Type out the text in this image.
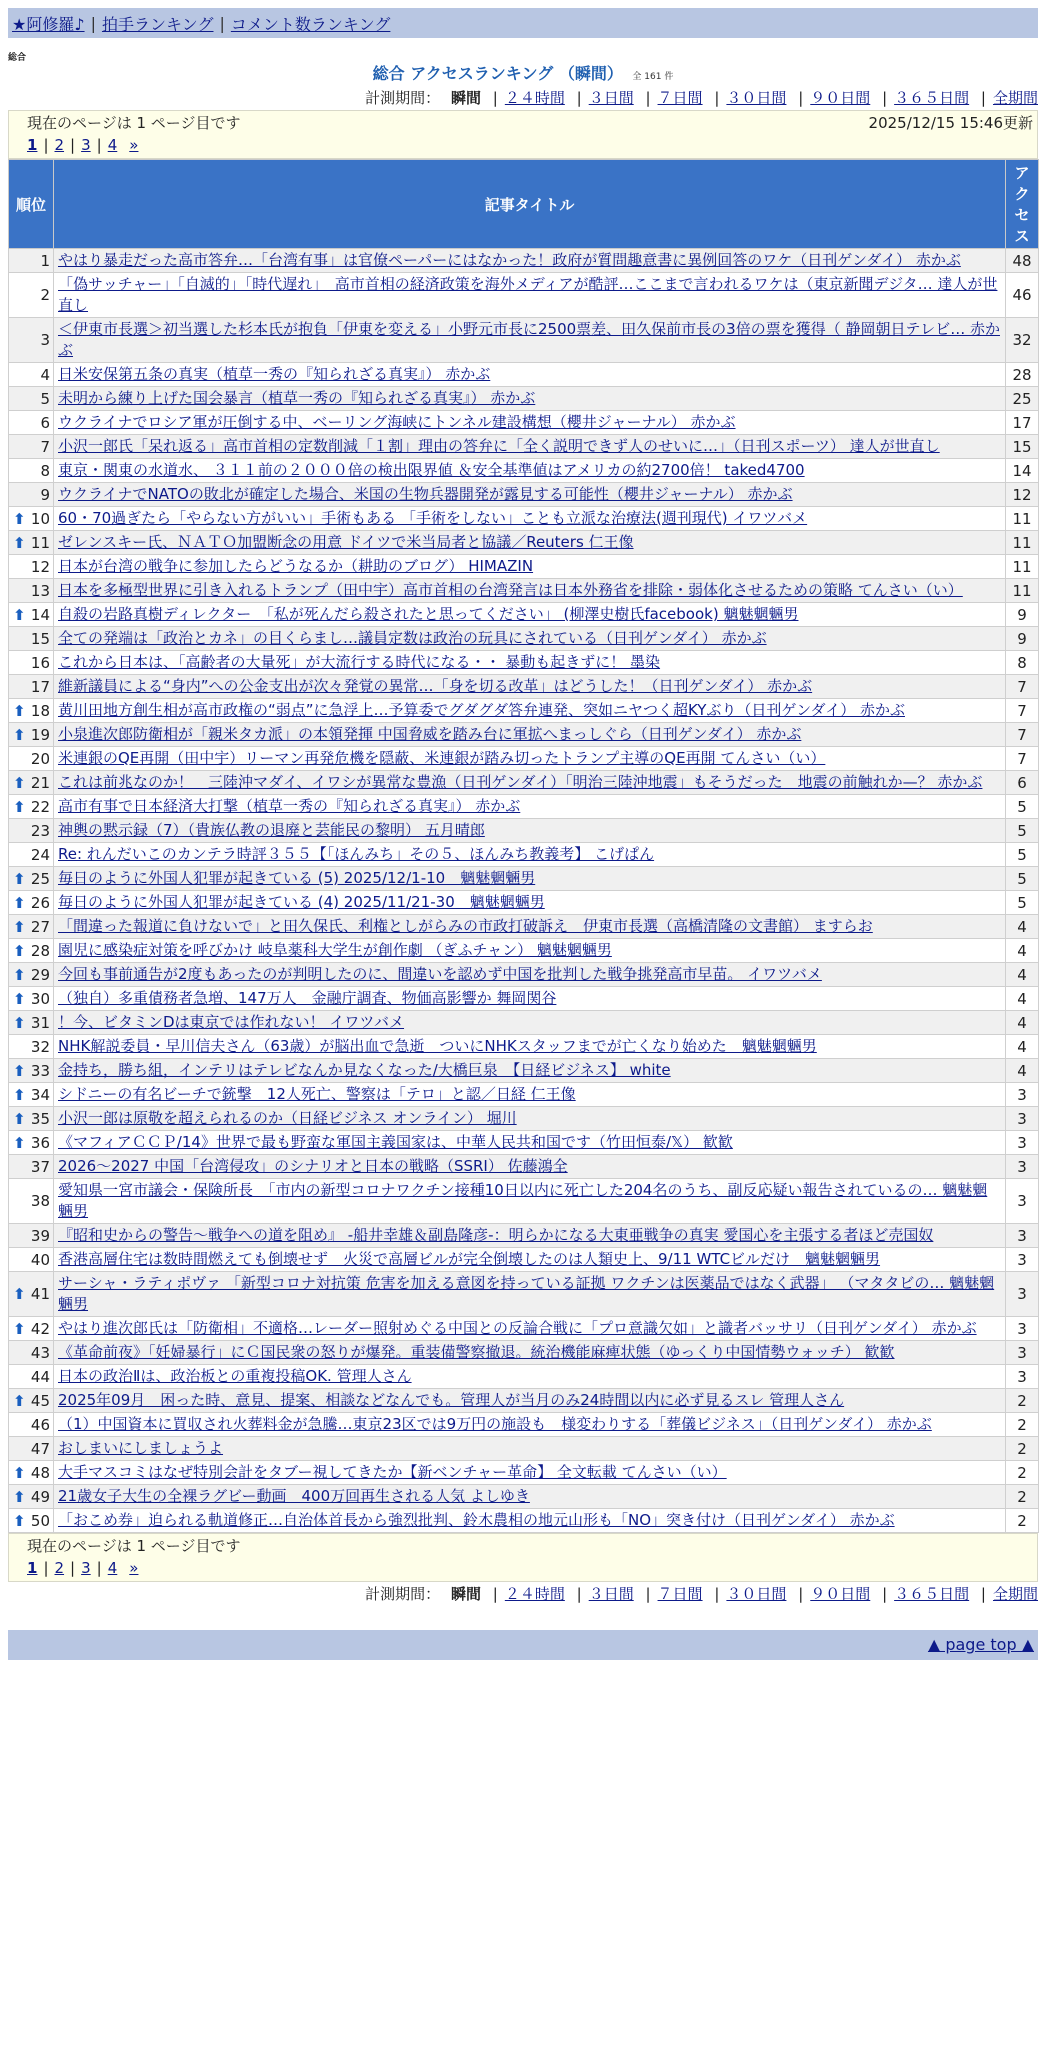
★阿修羅♪ | 拍手ランキング | コメント数ランキング
総合
総合 アクセスランキング （瞬間） 全 161 件
計測期間： 瞬間 | ２４時間 | ３日間 | ７日間 | ３０日間 | ９０日間 | ３６５日間 | 全期間
現在のページは 1 ページ目です	2025/12/15 15:46更新
1 | 2 | 3 | 4 »
順位	記事タイトル	アクセス
1	やはり暴走だった高市答弁…「台湾有事」は官僚ペーパーにはなかった！政府が質問趣意書に異例回答のワケ（日刊ゲンダイ） 赤かぶ	48
2	「偽サッチャー」「自滅的」「時代遅れ」　高市首相の経済政策を海外メディアが酷評…ここまで言われるワケは（東京新聞デジタ… 達人が世直し	46
3	＜伊東市長選＞初当選した杉本氏が抱負「伊東を変える」小野元市長に2500票差、田久保前市長の3倍の票を獲得（ 静岡朝日テレビ… 赤かぶ	32
4	日米安保第五条の真実（植草一秀の『知られざる真実』） 赤かぶ	28
5	未明から練り上げた国会暴言（植草一秀の『知られざる真実』） 赤かぶ	25
6	ウクライナでロシア軍が圧倒する中、ベーリング海峡にトンネル建設構想（櫻井ジャーナル） 赤かぶ	17
7	小沢一郎氏「呆れ返る」高市首相の定数削減「１割」理由の答弁に「全く説明できず人のせいに…」（日刊スポーツ） 達人が世直し	15
8	東京・関東の水道水、 ３１１前の２０００倍の検出限界値 ＆安全基準値はアメリカの約2700倍！ taked4700	14
9	ウクライナでNATOの敗北が確定した場合、米国の生物兵器開発が露見する可能性（櫻井ジャーナル） 赤かぶ	12

⬆ 10	60・70過ぎたら「やらない方がいい」手術もある 「手術をしない」ことも立派な治療法(週刊現代) イワツバメ	11

⬆ 11	ゼレンスキー氏、ＮＡＴＯ加盟断念の用意 ドイツで米当局者と協議／Reuters 仁王像	11
12	日本が台湾の戦争に参加したらどうなるか（耕助のブログ） HIMAZIN	11
13	日本を多極型世界に引き入れるトランプ（田中宇）高市首相の台湾発言は日本外務省を排除・弱体化させるための策略 てんさい（い）	11

⬆ 14	自殺の岩路真樹ディレクター　「私が死んだら殺されたと思ってください」 (柳澤史樹氏facebook) 魑魅魍魎男	9
15	全ての発端は「政治とカネ」の目くらまし…議員定数は政治の玩具にされている（日刊ゲンダイ） 赤かぶ	9
16	これから日本は、「高齢者の大量死」が大流行する時代になる・・ 暴動も起きずに！ 墨染	8
17	維新議員による“身内”への公金支出が次々発覚の異常…「身を切る改革」はどうした！（日刊ゲンダイ） 赤かぶ	7

⬆ 18	黄川田地方創生相が高市政権の“弱点”に急浮上…予算委でグダグダ答弁連発、突如ニヤつく超KYぶり（日刊ゲンダイ） 赤かぶ	7

⬆ 19	小泉進次郎防衛相が「親米タカ派」の本領発揮 中国脅威を踏み台に軍拡へまっしぐら（日刊ゲンダイ） 赤かぶ	7
20	米連銀のQE再開（田中宇）リーマン再発危機を隠蔽、米連銀が踏み切ったトランプ主導のQE再開 てんさい（い）	7

⬆ 21	これは前兆なのか！　三陸沖マダイ、イワシが異常な豊漁（日刊ゲンダイ）「明治三陸沖地震」もそうだった　地震の前触れか—？ 赤かぶ	6

⬆ 22	高市有事で日本経済大打撃（植草一秀の『知られざる真実』） 赤かぶ	5
23	神輿の黙示録（7）（貴族仏教の退廃と芸能民の黎明） 五月晴郎	5
24	Re: れんだいこのカンテラ時評３５５【「ほんみち」その５、ほんみち教義考】 こげぱん	5

⬆ 25	毎日のように外国人犯罪が起きている (5) 2025/12/1-10　魑魅魍魎男	5

⬆ 26	毎日のように外国人犯罪が起きている (4) 2025/11/21-30　魑魅魍魎男	5

⬆ 27	「間違った報道に負けないで」と田久保氏、利権としがらみの市政打破訴え　伊東市長選（高橋清隆の文書館） ますらお	4

⬆ 28	園児に感染症対策を呼びかけ 岐阜薬科大学生が創作劇 （ぎふチャン） 魑魅魍魎男	4

⬆ 29	今回も事前通告が2度もあったのが判明したのに、間違いを認めず中国を批判した戦争挑発高市早苗。 イワツバメ	4

⬆ 30	（独自）多重債務者急増、147万人　金融庁調査、物価高影響か 舞岡関谷	4

⬆ 31	！今、ビタミンDは東京では作れない！ イワツバメ	4
32	NHK解説委員・早川信夫さん（63歳）が脳出血で急逝　ついにNHKスタッフまでが亡くなり始めた　魑魅魍魎男	4

⬆ 33	金持ち，勝ち組，インテリはテレビなんか見なくなった/大橋巨泉　【日経ビジネス】 white	4

⬆ 34	シドニーの有名ビーチで銃撃　12人死亡、警察は「テロ」と認／日経 仁王像	3

⬆ 35	小沢一郎は原敬を超えられるのか（日経ビジネス オンライン） 堀川	3

⬆ 36	《マフィアＣＣＰ/14》世界で最も野蛮な軍国主義国家は、中華人民共和国です（竹田恒泰/𝕏） 歓歓	3
37	2026～2027 中国「台湾侵攻」のシナリオと日本の戦略（SSRI） 佐藤鴻全	3
38	愛知県一宮市議会・保険所長　「市内の新型コロナワクチン接種10日以内に死亡した204名のうち、副反応疑い報告されているの… 魑魅魍魎男	3
39	『昭和史からの警告～戦争への道を阻め』 -船井幸雄＆副島隆彦-：明らかになる大東亜戦争の真実 愛国心を主張する者ほど売国奴	3
40	香港高層住宅は数時間燃えても倒壊せず　火災で高層ビルが完全倒壊したのは人類史上、9/11 WTCビルだけ　魑魅魍魎男	3

⬆ 41	サーシャ・ラティポヴァ 「新型コロナ対抗策 危害を加える意図を持っている証拠 ワクチンは医薬品ではなく武器」 （マタタビの… 魑魅魍魎男	3

⬆ 42	やはり進次郎氏は「防衛相」不適格…レーダー照射めぐる中国との反論合戦に「プロ意識欠如」と識者バッサリ（日刊ゲンダイ） 赤かぶ	3
43	《革命前夜》「妊婦暴行」にＣ国民衆の怒りが爆発。重装備警察撤退。統治機能麻痺状態（ゆっくり中国情勢ウォッチ） 歓歓	3
44	日本の政治Ⅱは、政治板との重複投稿OK. 管理人さん	3

⬆ 45	2025年09月　困った時、意見、提案、相談などなんでも。管理人が当月のみ24時間以内に必ず見るスレ 管理人さん	2
46	（1）中国資本に買収され火葬料金が急騰…東京23区では9万円の施設も　様変わりする「葬儀ビジネス」（日刊ゲンダイ） 赤かぶ	2
47	おしまいにしましょうよ	2

⬆ 48	大手マスコミはなぜ特別会計をタブー視してきたか【新ベンチャー革命】 全文転載 てんさい（い）	2

⬆ 49	21歳女子大生の全裸ラグビー動画　400万回再生される人気 よしゆき	2

⬆ 50	「おこめ券」迫られる軌道修正…自治体首長から強烈批判、鈴木農相の地元山形も「NO」突き付け（日刊ゲンダイ） 赤かぶ	2
現在のページは 1 ページ目です
1 | 2 | 3 | 4 »
計測期間： 瞬間 | ２４時間 | ３日間 | ７日間 | ３０日間 | ９０日間 | ３６５日間 | 全期間
▲ page top ▲
